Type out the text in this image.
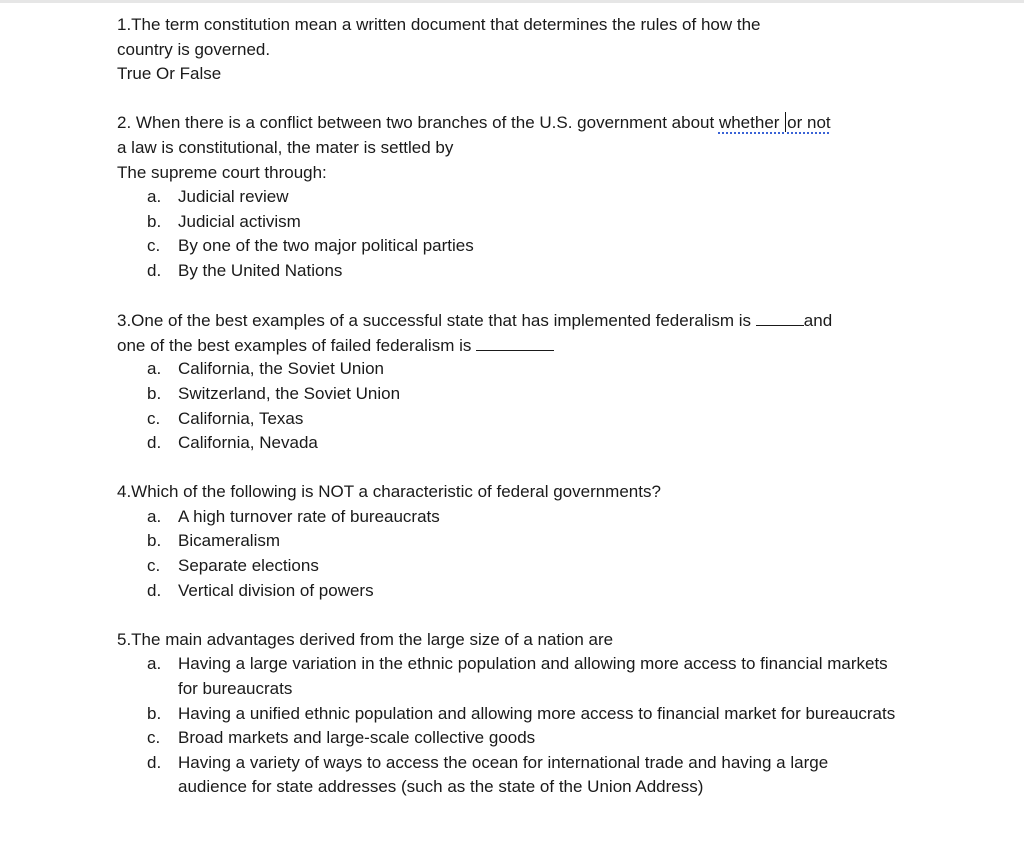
1.The term constitution mean a written document that determines the rules of how the
country is governed.
True Or False
2. When there is a conflict between two branches of the U.S. government about whether or not
a law is constitutional, the mater is settled by
The supreme court through:
a. Judicial review
b. Judicial activism
c. By one of the two major political parties
d. By the United Nations
3.One of the best examples of a successful state that has implemented federalism is	and
one of the best examples of failed federalism is
a. California, the Soviet Union
b. Switzerland, the Soviet Union
c. California, Texas
d. California, Nevada
4.Which of the following is NOT a characteristic of federal governments?
a. A high turnover rate of bureaucrats
b. Bicameralism
c. Separate elections
d. Vertical division of powers
5.The main advantages derived from the large size of a nation are
a. Having a large variation in the ethnic population and allowing more access to financial markets for bureaucrats
b. Having a unified ethnic population and allowing more access to financial market for bureaucrats
c. Broad markets and large-scale collective goods
d. Having a variety of ways to access the ocean for international trade and having a large audience for state addresses (such as the state of the Union Address)
